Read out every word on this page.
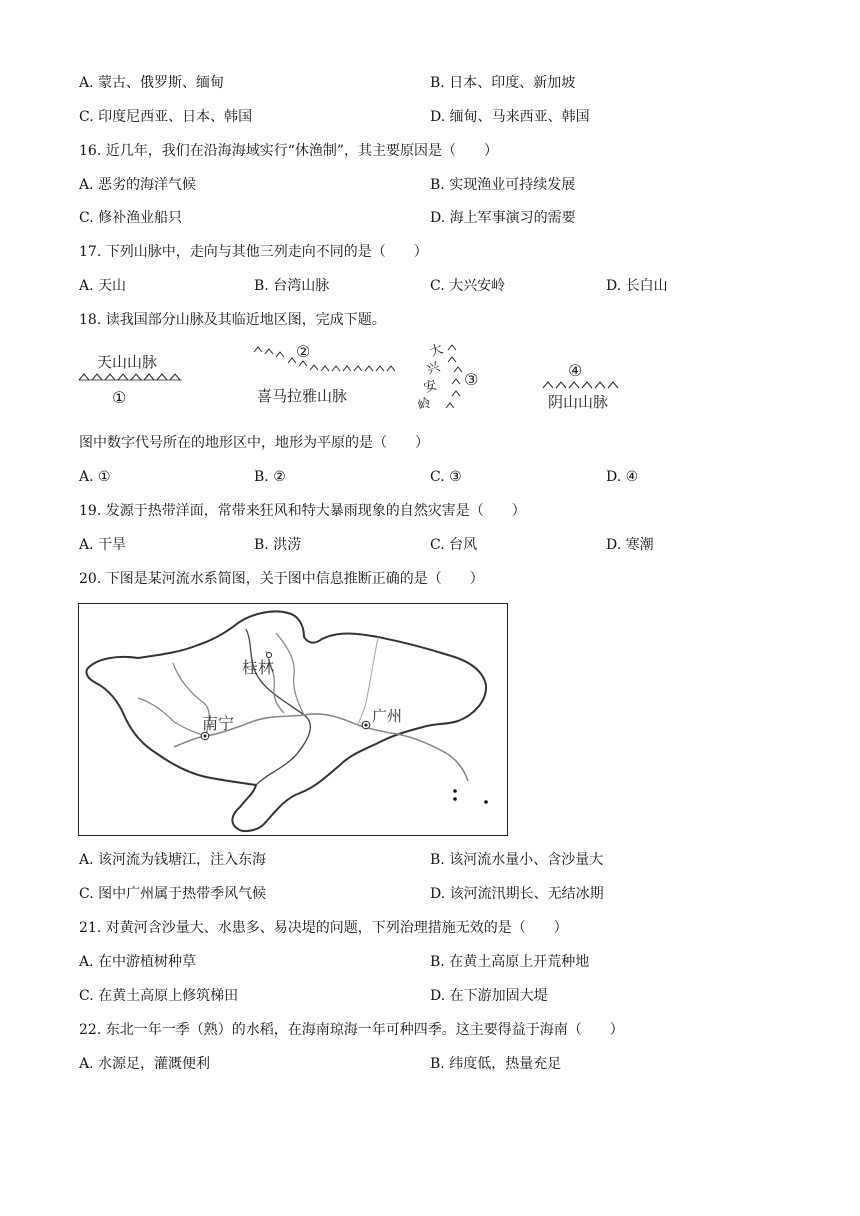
A. 蒙古、俄罗斯、缅甸	B. 日本、印度、新加坡
C. 印度尼西亚、日本、韩国	D. 缅甸、马来西亚、韩国
16. 近几年，我们在沿海海域实行“休渔制”，其主要原因是（　　）
A. 恶劣的海洋气候	B. 实现渔业可持续发展
C. 修补渔业船只	D. 海上军事演习的需要
17. 下列山脉中，走向与其他三列走向不同的是（　　）
A. 天山	B. 台湾山脉	C. 大兴安岭	D. 长白山
18. 读我国部分山脉及其临近地区图，完成下题。
天山山脉
①
②
喜马拉雅山脉
大
兴
安
岭
③	④
阴山山脉
图中数字代号所在的地形区中，地形为平原的是（　　）
A. ①	B. ②	C. ③	D. ④
19. 发源于热带洋面，常带来狂风和特大暴雨现象的自然灾害是（　　）
A. 干旱	B. 洪涝	C. 台风	D. 寒潮
20. 下图是某河流水系简图，关于图中信息推断正确的是（　　）
桂林
南宁	广州
A. 该河流为钱塘江，注入东海	B. 该河流水量小、含沙量大
C. 图中广州属于热带季风气候	D. 该河流汛期长、无结冰期
21. 对黄河含沙量大、水患多、易决堤的问题，下列治理措施无效的是（　　）
A. 在中游植树种草	B. 在黄土高原上开荒种地
C. 在黄土高原上修筑梯田	D. 在下游加固大堤
22. 东北一年一季（熟）的水稻，在海南琼海一年可种四季。这主要得益于海南（　　）
A. 水源足，灌溉便利	B. 纬度低，热量充足
